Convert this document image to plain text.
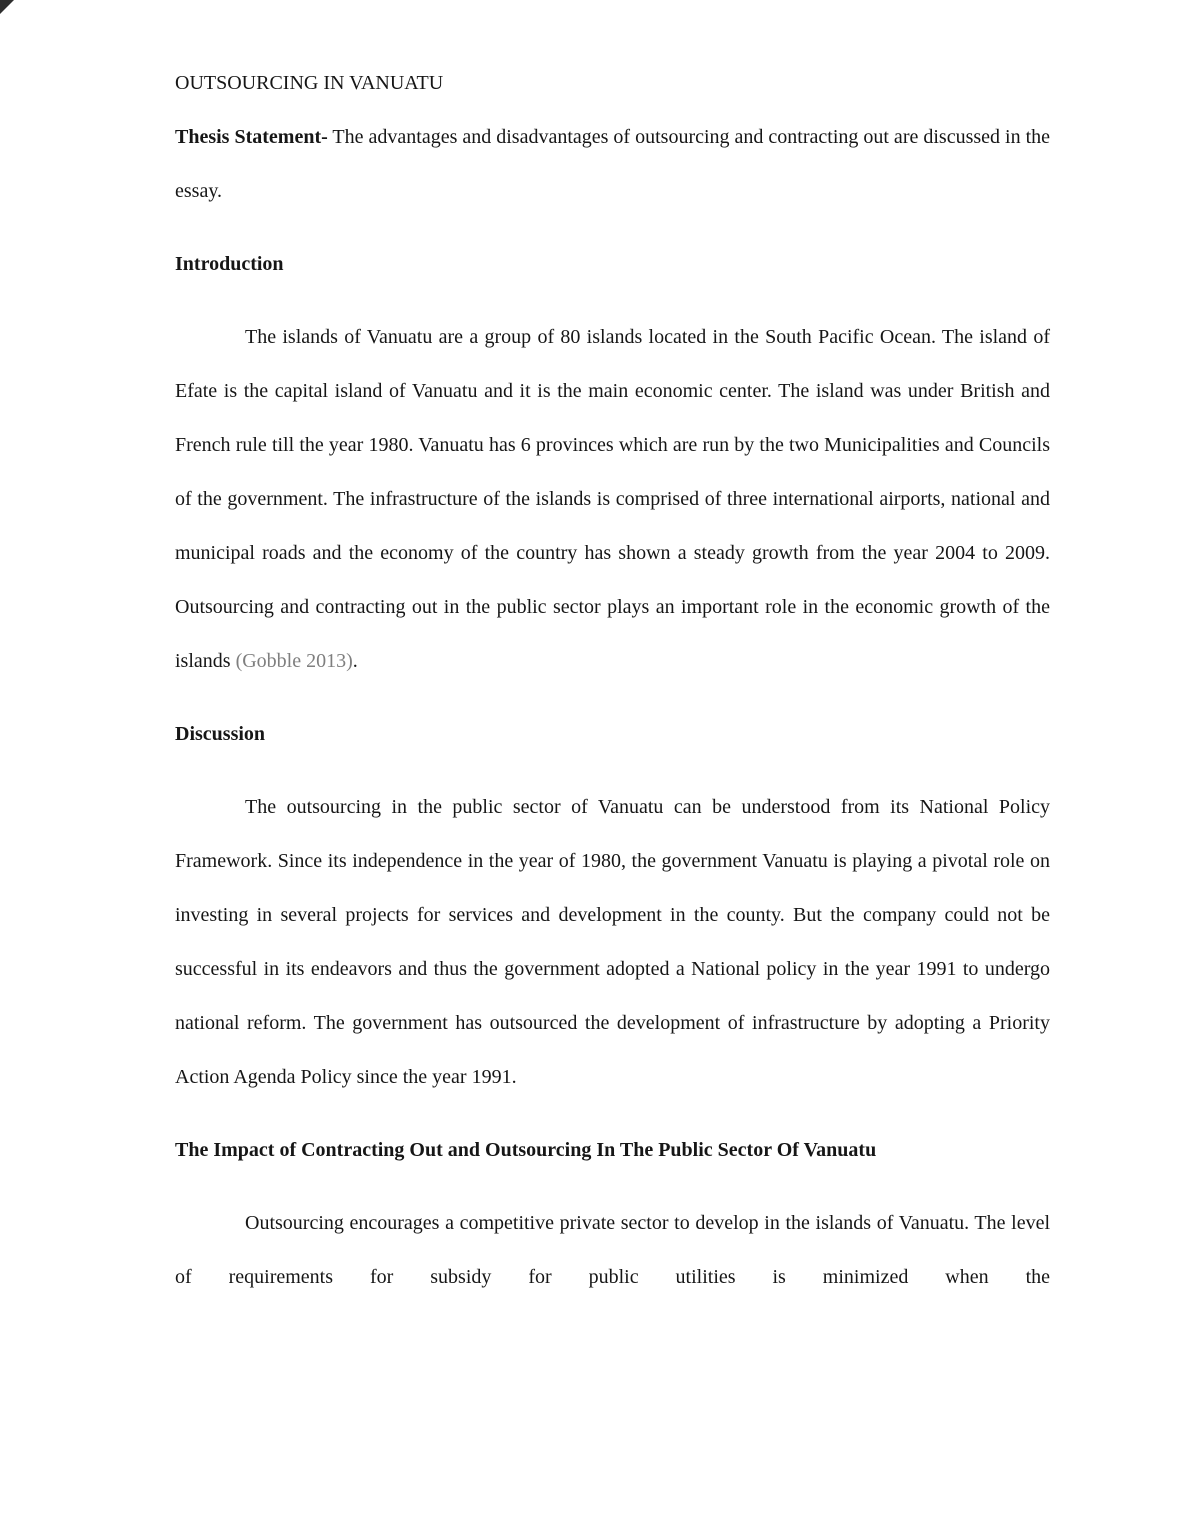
OUTSOURCING IN VANUATU

Thesis Statement- The advantages and disadvantages of outsourcing and contracting out are discussed in the essay.

Introduction

The islands of Vanuatu are a group of 80 islands located in the South Pacific Ocean. The island of Efate is the capital island of Vanuatu and it is the main economic center. The island was under British and French rule till the year 1980. Vanuatu has 6 provinces which are run by the two Municipalities and Councils of the government. The infrastructure of the islands is comprised of three international airports, national and municipal roads and the economy of the country has shown a steady growth from the year 2004 to 2009. Outsourcing and contracting out in the public sector plays an important role in the economic growth of the islands (Gobble 2013).

Discussion

The outsourcing in the public sector of Vanuatu can be understood from its National Policy Framework. Since its independence in the year of 1980, the government Vanuatu is playing a pivotal role on investing in several projects for services and development in the county. But the company could not be successful in its endeavors and thus the government adopted a National policy in the year 1991 to undergo national reform. The government has outsourced the development of infrastructure by adopting a Priority Action Agenda Policy since the year 1991.

The Impact of Contracting Out and Outsourcing In The Public Sector Of Vanuatu

Outsourcing encourages a competitive private sector to develop in the islands of Vanuatu. The level of requirements for subsidy for public utilities is minimized when the
